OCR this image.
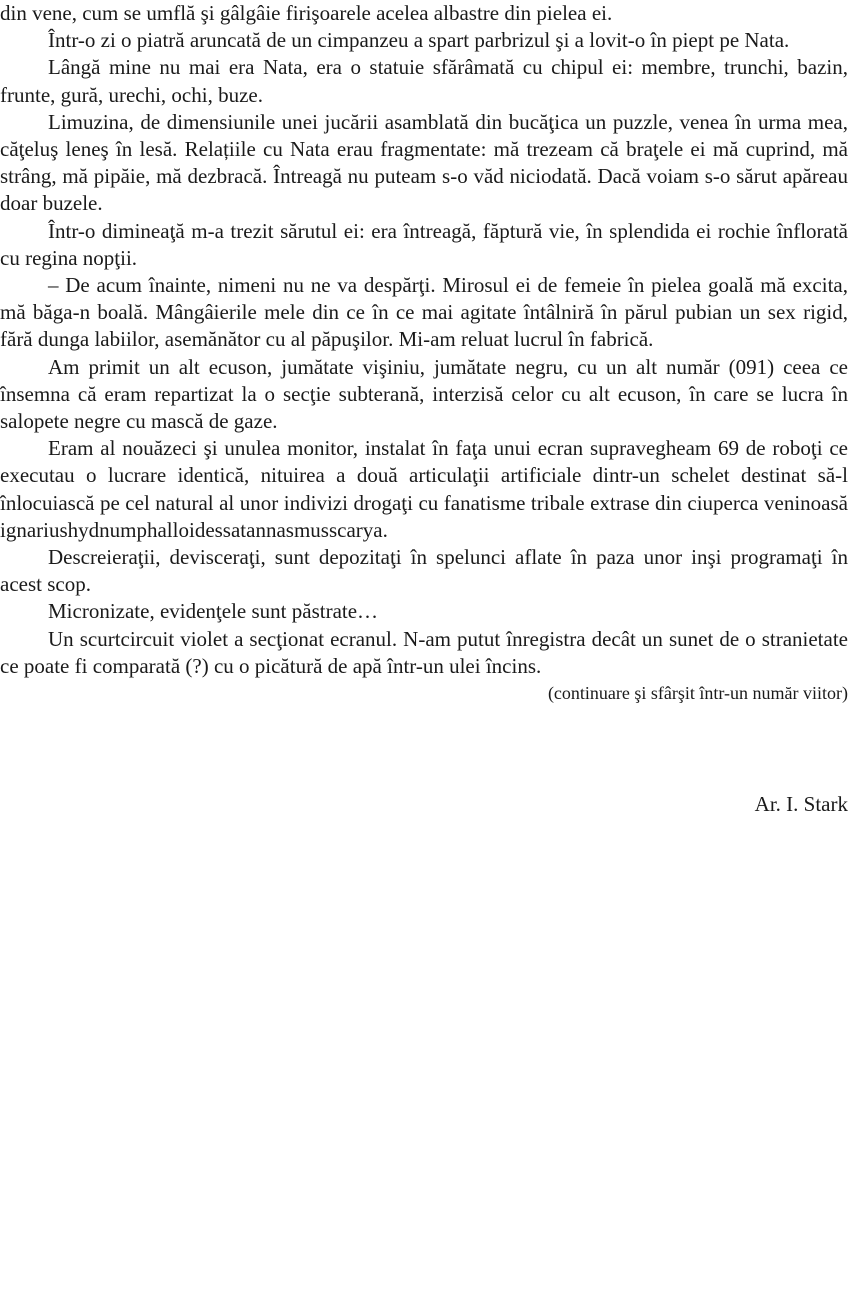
din vene, cum se umflă şi gâlgâie firişoarele acelea albastre din pielea ei.

Într-o zi o piatră aruncată de un cimpanzeu a spart parbrizul şi a lovit-o în piept pe Nata.

Lângă mine nu mai era Nata, era o statuie sfărâmată cu chipul ei: membre, trunchi, bazin, frunte, gură, urechi, ochi, buze.

Limuzina, de dimensiunile unei jucării asamblată din bucăţica un puzzle, venea în urma mea, căţeluş leneş în lesă. Relațiile cu Nata erau fragmentate: mă trezeam că braţele ei mă cuprind, mă strâng, mă pipăie, mă dezbracă. Întreagă nu puteam s-o văd niciodată. Dacă voiam s-o sărut apăreau doar buzele.

Într-o dimineaţă m-a trezit sărutul ei: era întreagă, făptură vie, în splendida ei rochie înflorată cu regina nopţii.

– De acum înainte, nimeni nu ne va despărţi. Mirosul ei de femeie în pielea goală mă excita, mă băga-n boală. Mângâierile mele din ce în ce mai agitate întâlniră în părul pubian un sex rigid, fără dunga labiilor, asemănător cu al păpuşilor. Mi-am reluat lucrul în fabrică.

Am primit un alt ecuson, jumătate vişiniu, jumătate negru, cu un alt număr (091) ceea ce însemna că eram repartizat la o secţie subterană, interzisă celor cu alt ecuson, în care se lucra în salopete negre cu mască de gaze.

Eram al nouăzeci şi unulea monitor, instalat în faţa unui ecran supravegheam 69 de roboţi ce executau o lucrare identică, nituirea a două articulaţii artificiale dintr-un schelet destinat să-l înlocuiască pe cel natural al unor indivizi drogaţi cu fanatisme tribale extrase din ciuperca veninoasă ignariushydnumphalloidessatannasmusscarya.

Descreieraţii, devisceraţi, sunt depozitaţi în spelunci aflate în paza unor inşi programaţi în acest scop.

Micronizate, evidenţele sunt păstrate…

Un scurtcircuit violet a secţionat ecranul. N-am putut înregistra decât un sunet de o stranietate ce poate fi comparată (?) cu o picătură de apă într-un ulei încins.

(continuare şi sfârşit într-un număr viitor)

Ar. I. Stark
